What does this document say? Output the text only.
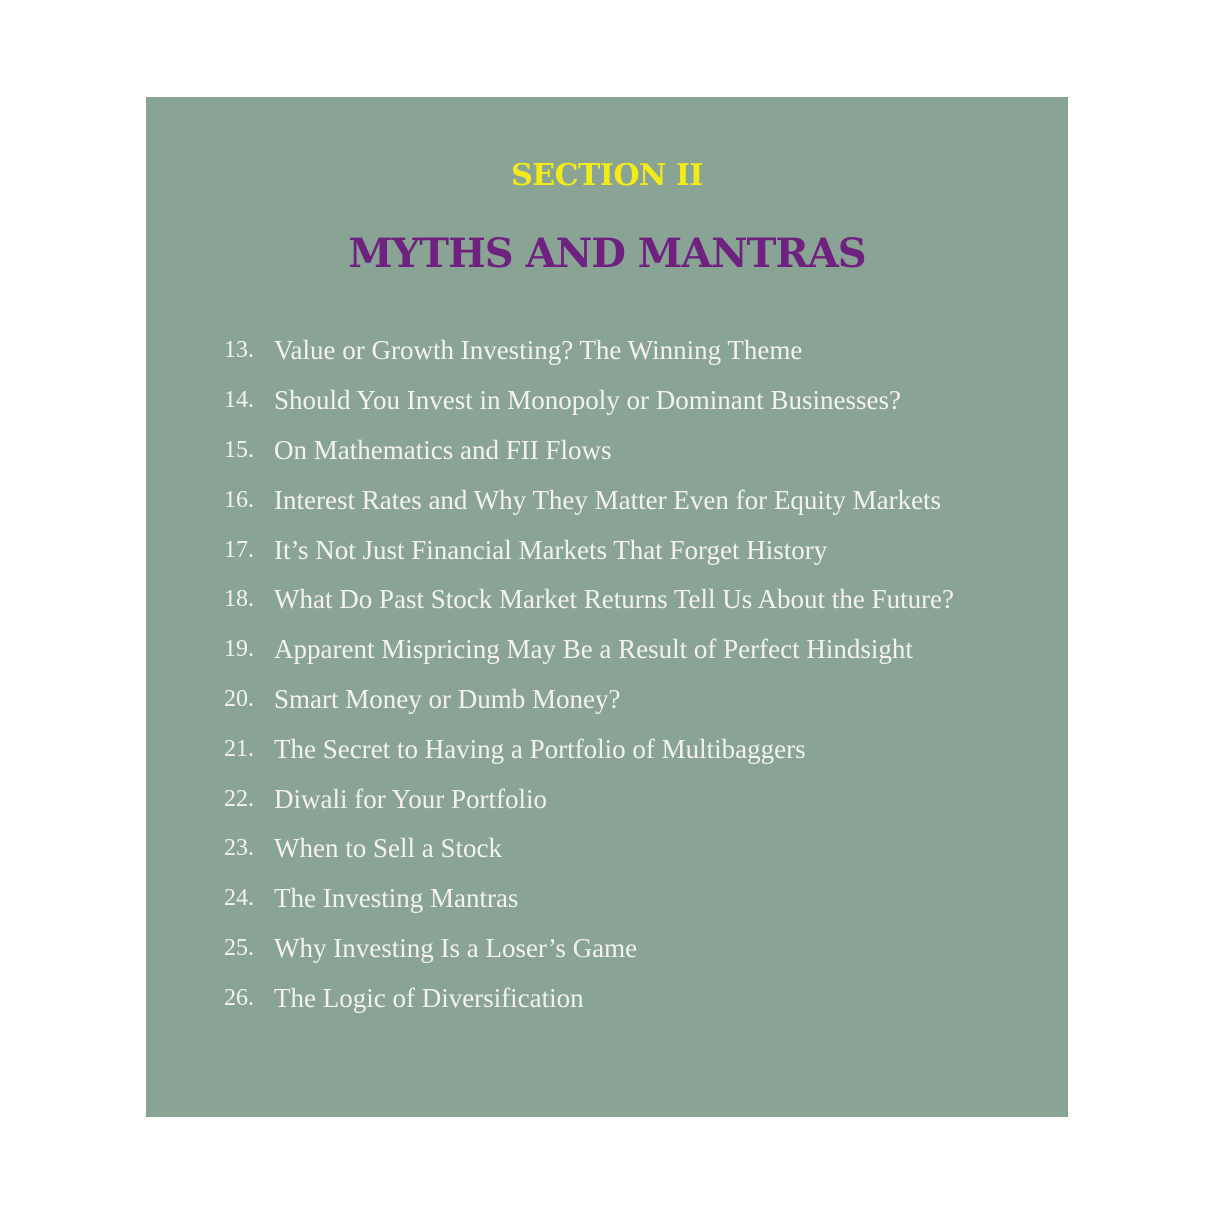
SECTION II
MYTHS AND MANTRAS
13. Value or Growth Investing? The Winning Theme
14. Should You Invest in Monopoly or Dominant Businesses?
15. On Mathematics and FII Flows
16. Interest Rates and Why They Matter Even for Equity Markets
17. It’s Not Just Financial Markets That Forget History
18. What Do Past Stock Market Returns Tell Us About the Future?
19. Apparent Mispricing May Be a Result of Perfect Hindsight
20. Smart Money or Dumb Money?
21. The Secret to Having a Portfolio of Multibaggers
22. Diwali for Your Portfolio
23. When to Sell a Stock
24. The Investing Mantras
25. Why Investing Is a Loser’s Game
26. The Logic of Diversification
